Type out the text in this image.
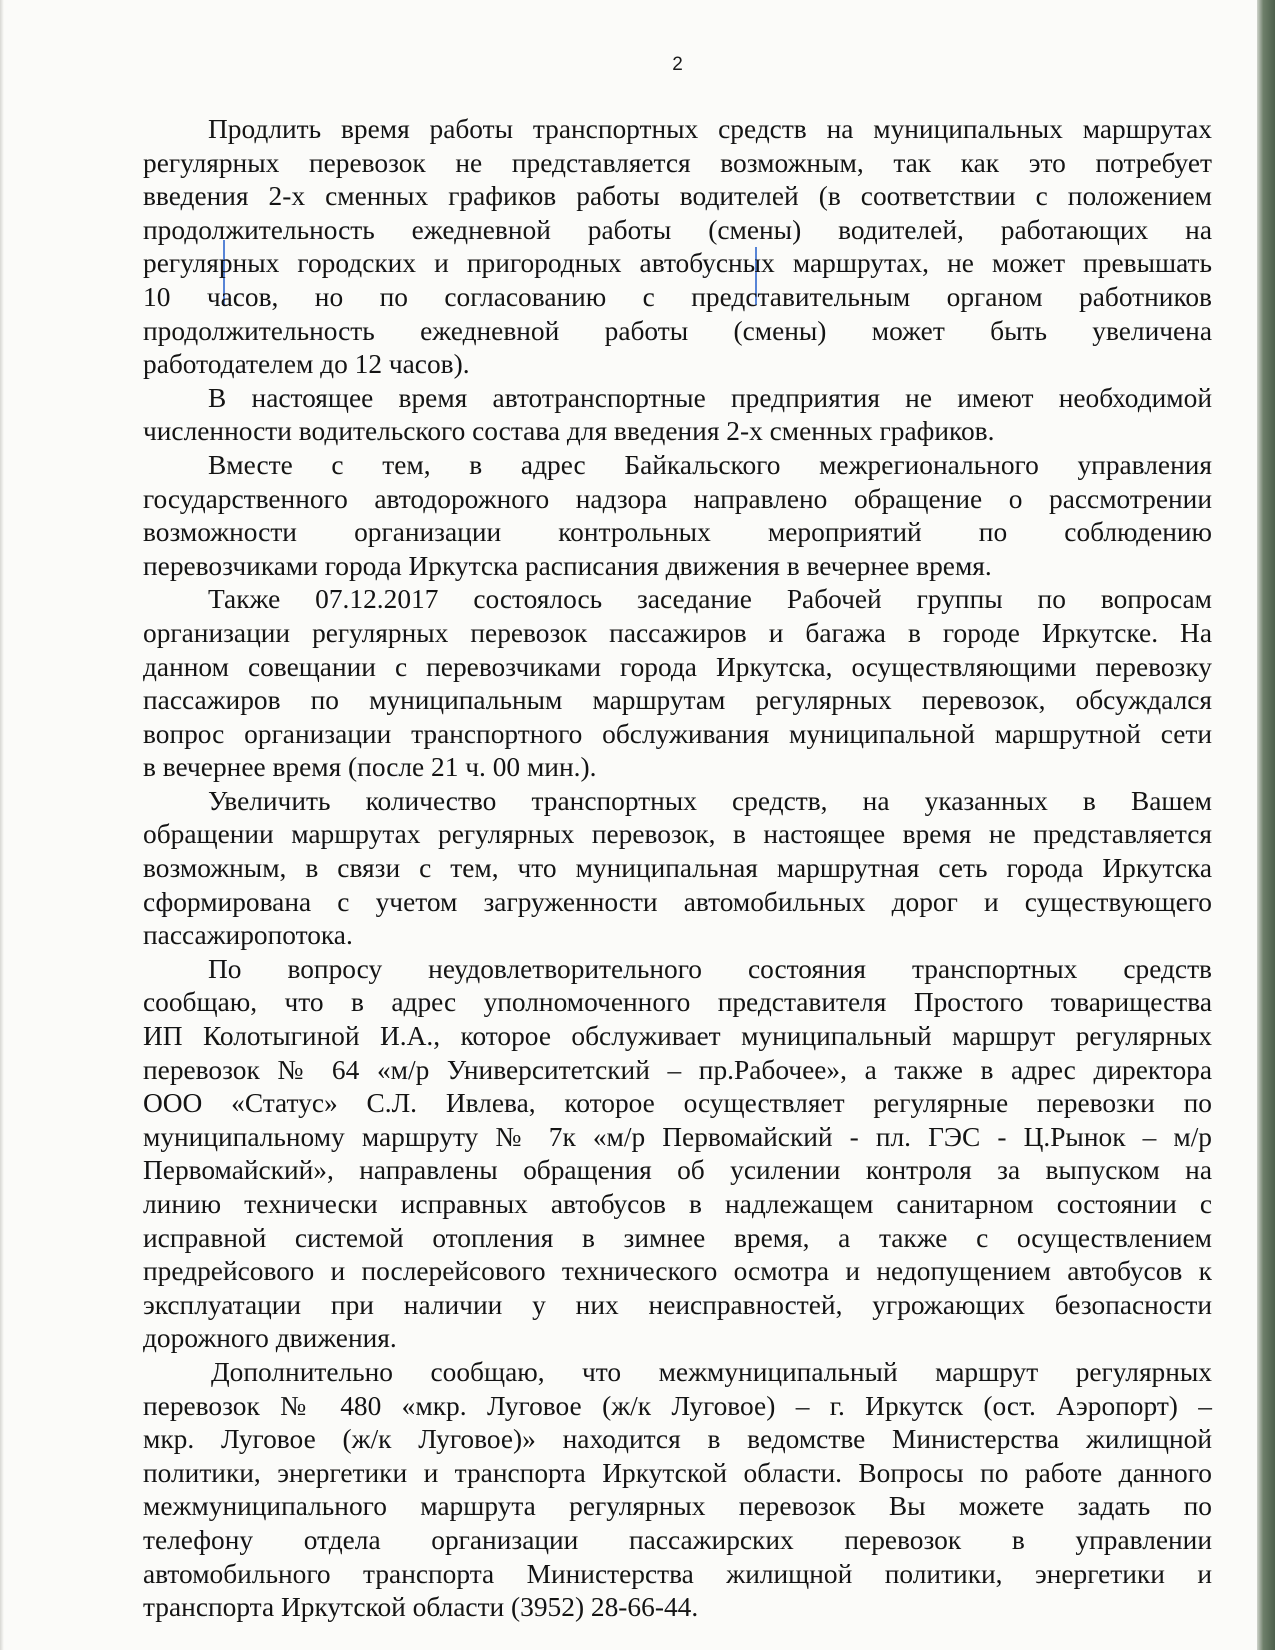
2
Продлить время работы транспортных средств на муниципальных маршрутах
регулярных перевозок не представляется возможным, так как это потребует
введения 2-х сменных графиков работы водителей (в соответствии с положением
продолжительность ежедневной работы (смены) водителей, работающих на
регулярных городских и пригородных автобусных маршрутах, не может превышать
10 часов, но по согласованию с представительным органом работников
продолжительность ежедневной работы (смены) может быть увеличена
работодателем до 12 часов).
В настоящее время автотранспортные предприятия не имеют необходимой
численности водительского состава для введения 2-х сменных графиков.
Вместе с тем, в адрес Байкальского межрегионального управления
государственного автодорожного надзора направлено обращение о рассмотрении
возможности организации контрольных мероприятий по соблюдению
перевозчиками города Иркутска расписания движения в вечернее время.
Также 07.12.2017 состоялось заседание Рабочей группы по вопросам
организации регулярных перевозок пассажиров и багажа в городе Иркутске. На
данном совещании с перевозчиками города Иркутска, осуществляющими перевозку
пассажиров по муниципальным маршрутам регулярных перевозок, обсуждался
вопрос организации транспортного обслуживания муниципальной маршрутной сети
в вечернее время (после 21 ч. 00 мин.).
Увеличить количество транспортных средств, на указанных в Вашем
обращении маршрутах регулярных перевозок, в настоящее время не представляется
возможным, в связи с тем, что муниципальная маршрутная сеть города Иркутска
сформирована с учетом загруженности автомобильных дорог и существующего
пассажиропотока.
По вопросу неудовлетворительного состояния транспортных средств
сообщаю, что в адрес уполномоченного представителя Простого товарищества
ИП Колотыгиной И.А., которое обслуживает муниципальный маршрут регулярных
перевозок № 64 «м/р Университетский – пр.Рабочее», а также в адрес директора
ООО «Статус» С.Л. Ивлева, которое осуществляет регулярные перевозки по
муниципальному маршруту № 7к «м/р Первомайский - пл. ГЭС - Ц.Рынок – м/р
Первомайский», направлены обращения об усилении контроля за выпуском на
линию технически исправных автобусов в надлежащем санитарном состоянии с
исправной системой отопления в зимнее время, а также с осуществлением
предрейсового и послерейсового технического осмотра и недопущением автобусов к
эксплуатации при наличии у них неисправностей, угрожающих безопасности
дорожного движения.
Дополнительно сообщаю, что межмуниципальный маршрут регулярных
перевозок № 480 «мкр. Луговое (ж/к Луговое) – г. Иркутск (ост. Аэропорт) –
мкр. Луговое (ж/к Луговое)» находится в ведомстве Министерства жилищной
политики, энергетики и транспорта Иркутской области. Вопросы по работе данного
межмуниципального маршрута регулярных перевозок Вы можете задать по
телефону отдела организации пассажирских перевозок в управлении
автомобильного транспорта Министерства жилищной политики, энергетики и
транспорта Иркутской области (3952) 28-66-44.
